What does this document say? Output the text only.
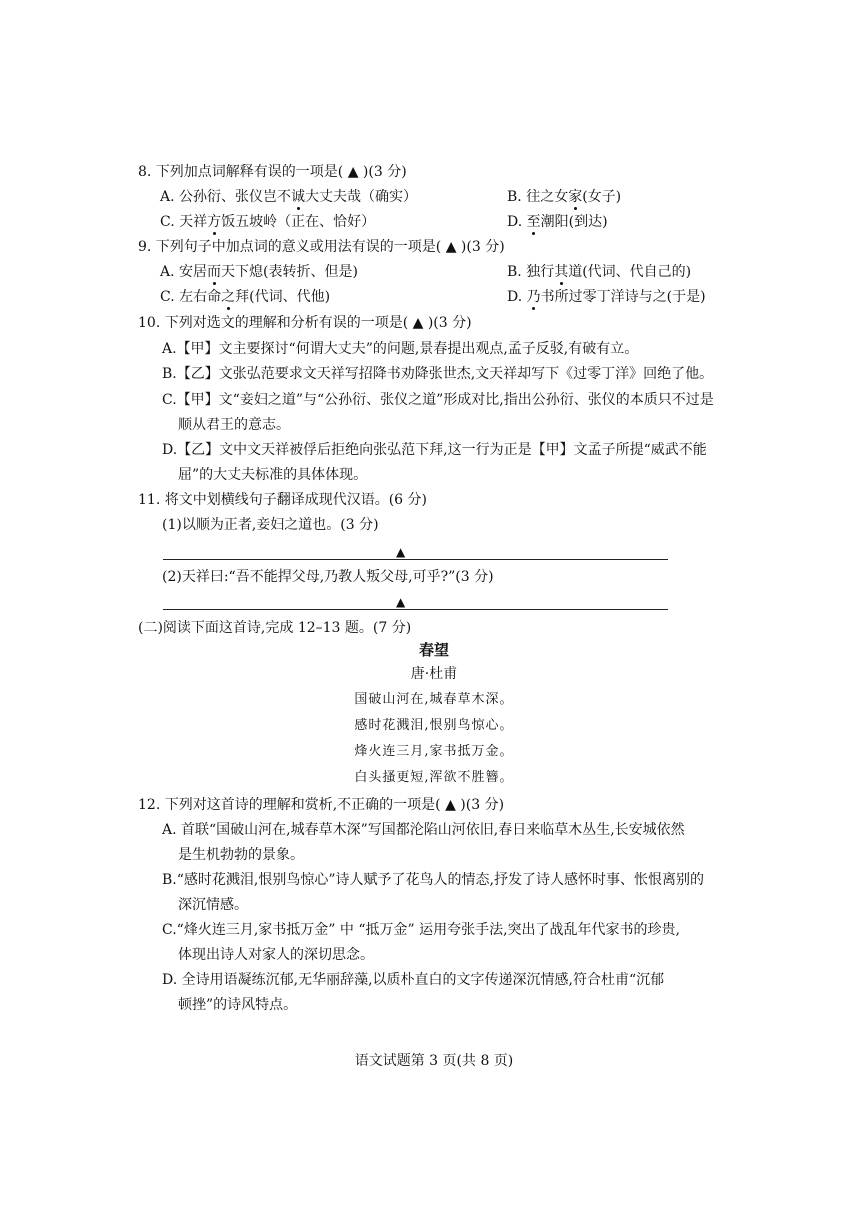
8. 下列加点词解释有误的一项是( ▲ )(3 分)
A. 公孙衍、张仪岂不诚大丈夫哉（确实）	B. 往之女家(女子)
C. 天祥方饭五坡岭（正在、恰好）	D. 至潮阳(到达)
9. 下列句子中加点词的意义或用法有误的一项是( ▲ )(3 分)
A. 安居而天下熄(表转折、但是)	B. 独行其道(代词、代自己的)
C. 左右命之拜(代词、代他)	D. 乃书所过零丁洋诗与之(于是)
10. 下列对选文的理解和分析有误的一项是( ▲ )(3 分)
A.【甲】文主要探讨“何谓大丈夫”的问题,景春提出观点,孟子反驳,有破有立。
B.【乙】文张弘范要求文天祥写招降书劝降张世杰,文天祥却写下《过零丁洋》回绝了他。
C.【甲】文“妾妇之道”与“公孙衍、张仪之道”形成对比,指出公孙衍、张仪的本质只不过是
顺从君王的意志。
D.【乙】文中文天祥被俘后拒绝向张弘范下拜,这一行为正是【甲】文孟子所提“威武不能
屈”的大丈夫标准的具体体现。
11. 将文中划横线句子翻译成现代汉语。(6 分)
(1)以顺为正者,妾妇之道也。(3 分)
▲
(2)天祥曰:“吾不能捍父母,乃教人叛父母,可乎?”(3 分)
▲
(二)阅读下面这首诗,完成 12–13 题。(7 分)
春望
唐·杜甫
国破山河在,城春草木深。
感时花溅泪,恨别鸟惊心。
烽火连三月,家书抵万金。
白头搔更短,浑欲不胜簪。
12. 下列对这首诗的理解和赏析,不正确的一项是( ▲ )(3 分)
A. 首联“国破山河在,城春草木深”写国都沦陷山河依旧,春日来临草木丛生,长安城依然
是生机勃勃的景象。
B.“感时花溅泪,恨别鸟惊心”诗人赋予了花鸟人的情态,抒发了诗人感怀时事、怅恨离别的
深沉情感。
C.“烽火连三月,家书抵万金” 中 “抵万金” 运用夸张手法,突出了战乱年代家书的珍贵,
体现出诗人对家人的深切思念。
D. 全诗用语凝练沉郁,无华丽辞藻,以质朴直白的文字传递深沉情感,符合杜甫“沉郁
顿挫”的诗风特点。
语文试题第 3 页(共 8 页)
